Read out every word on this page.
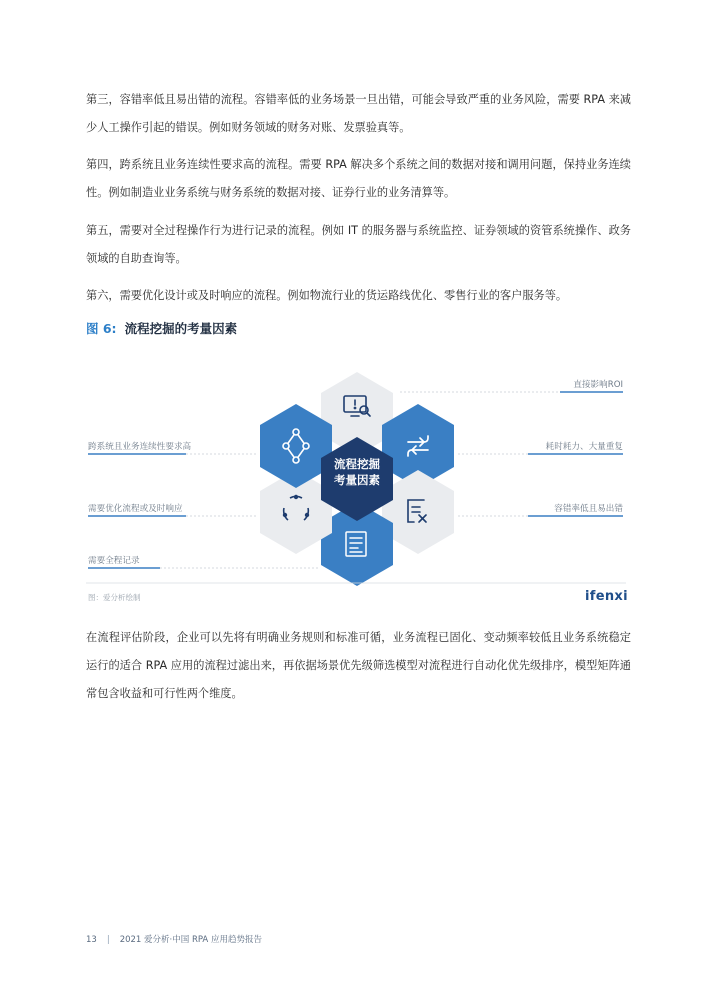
第三，容错率低且易出错的流程。容错率低的业务场景一旦出错，可能会导致严重的业务风险，需要 RPA 来减少人工操作引起的错误。例如财务领域的财务对账、发票验真等。

第四，跨系统且业务连续性要求高的流程。需要 RPA 解决多个系统之间的数据对接和调用问题，保持业务连续性。例如制造业业务系统与财务系统的数据对接、证券行业的业务清算等。

第五，需要对全过程操作行为进行记录的流程。例如 IT 的服务器与系统监控、证券领域的资管系统操作、政务领域的自助查询等。

第六，需要优化设计或及时响应的流程。例如物流行业的货运路线优化、零售行业的客户服务等。

图 6: 流程挖掘的考量因素
流程挖掘
考量因素
直接影响ROI
耗时耗力、大量重复
容错率低且易出错
跨系统且业务连续性要求高
需要优化流程或及时响应
需要全程记录
图：爱分析绘制	ifenxi

在流程评估阶段，企业可以先将有明确业务规则和标准可循，业务流程已固化、变动频率较低且业务系统稳定运行的适合 RPA 应用的流程过滤出来，再依据场景优先级筛选模型对流程进行自动化优先级排序，模型矩阵通常包含收益和可行性两个维度。

13 | 2021 爱分析·中国 RPA 应用趋势报告
